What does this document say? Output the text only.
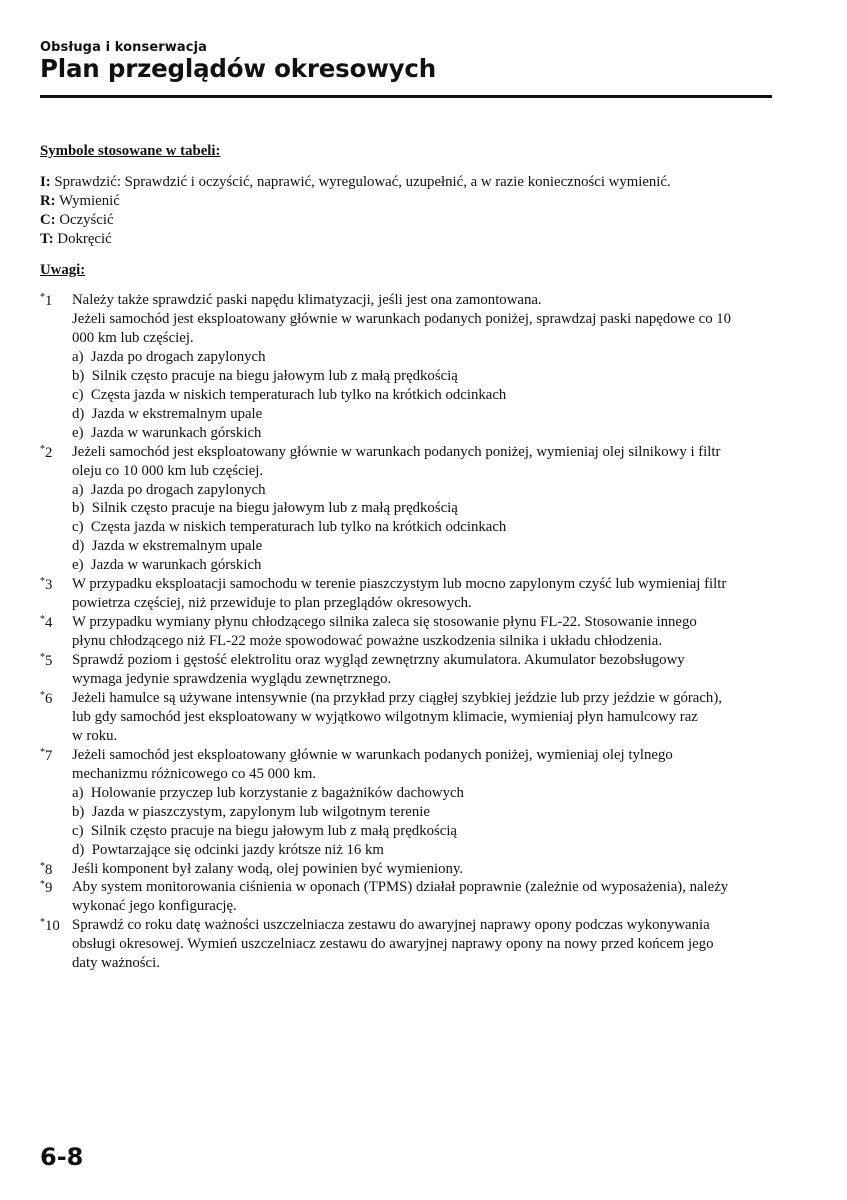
Obsługa i konserwacja
Plan przeglądów okresowych
Symbole stosowane w tabeli:
I: Sprawdzić: Sprawdzić i oczyścić, naprawić, wyregulować, uzupełnić, a w razie konieczności wymienić.
R: Wymienić
C: Oczyścić
T: Dokręcić
Uwagi:
*1 Należy także sprawdzić paski napędu klimatyzacji, jeśli jest ona zamontowana.
Jeżeli samochód jest eksploatowany głównie w warunkach podanych poniżej, sprawdzaj paski napędowe co 10
000 km lub częściej.
a) Jazda po drogach zapylonych
b) Silnik często pracuje na biegu jałowym lub z małą prędkością
c) Częsta jazda w niskich temperaturach lub tylko na krótkich odcinkach
d) Jazda w ekstremalnym upale
e) Jazda w warunkach górskich
*2 Jeżeli samochód jest eksploatowany głównie w warunkach podanych poniżej, wymieniaj olej silnikowy i filtr
oleju co 10 000 km lub częściej.
a) Jazda po drogach zapylonych
b) Silnik często pracuje na biegu jałowym lub z małą prędkością
c) Częsta jazda w niskich temperaturach lub tylko na krótkich odcinkach
d) Jazda w ekstremalnym upale
e) Jazda w warunkach górskich
*3 W przypadku eksploatacji samochodu w terenie piaszczystym lub mocno zapylonym czyść lub wymieniaj filtr
powietrza częściej, niż przewiduje to plan przeglądów okresowych.
*4 W przypadku wymiany płynu chłodzącego silnika zaleca się stosowanie płynu FL-22. Stosowanie innego
płynu chłodzącego niż FL-22 może spowodować poważne uszkodzenia silnika i układu chłodzenia.
*5 Sprawdź poziom i gęstość elektrolitu oraz wygląd zewnętrzny akumulatora. Akumulator bezobsługowy
wymaga jedynie sprawdzenia wyglądu zewnętrznego.
*6 Jeżeli hamulce są używane intensywnie (na przykład przy ciągłej szybkiej jeździe lub przy jeździe w górach),
lub gdy samochód jest eksploatowany w wyjątkowo wilgotnym klimacie, wymieniaj płyn hamulcowy raz
w roku.
*7 Jeżeli samochód jest eksploatowany głównie w warunkach podanych poniżej, wymieniaj olej tylnego
mechanizmu różnicowego co 45 000 km.
a) Holowanie przyczep lub korzystanie z bagażników dachowych
b) Jazda w piaszczystym, zapylonym lub wilgotnym terenie
c) Silnik często pracuje na biegu jałowym lub z małą prędkością
d) Powtarzające się odcinki jazdy krótsze niż 16 km
*8 Jeśli komponent był zalany wodą, olej powinien być wymieniony.
*9 Aby system monitorowania ciśnienia w oponach (TPMS) działał poprawnie (zależnie od wyposażenia), należy
wykonać jego konfigurację.
*10 Sprawdź co roku datę ważności uszczelniacza zestawu do awaryjnej naprawy opony podczas wykonywania
obsługi okresowej. Wymień uszczelniacz zestawu do awaryjnej naprawy opony na nowy przed końcem jego
daty ważności.
6-8
